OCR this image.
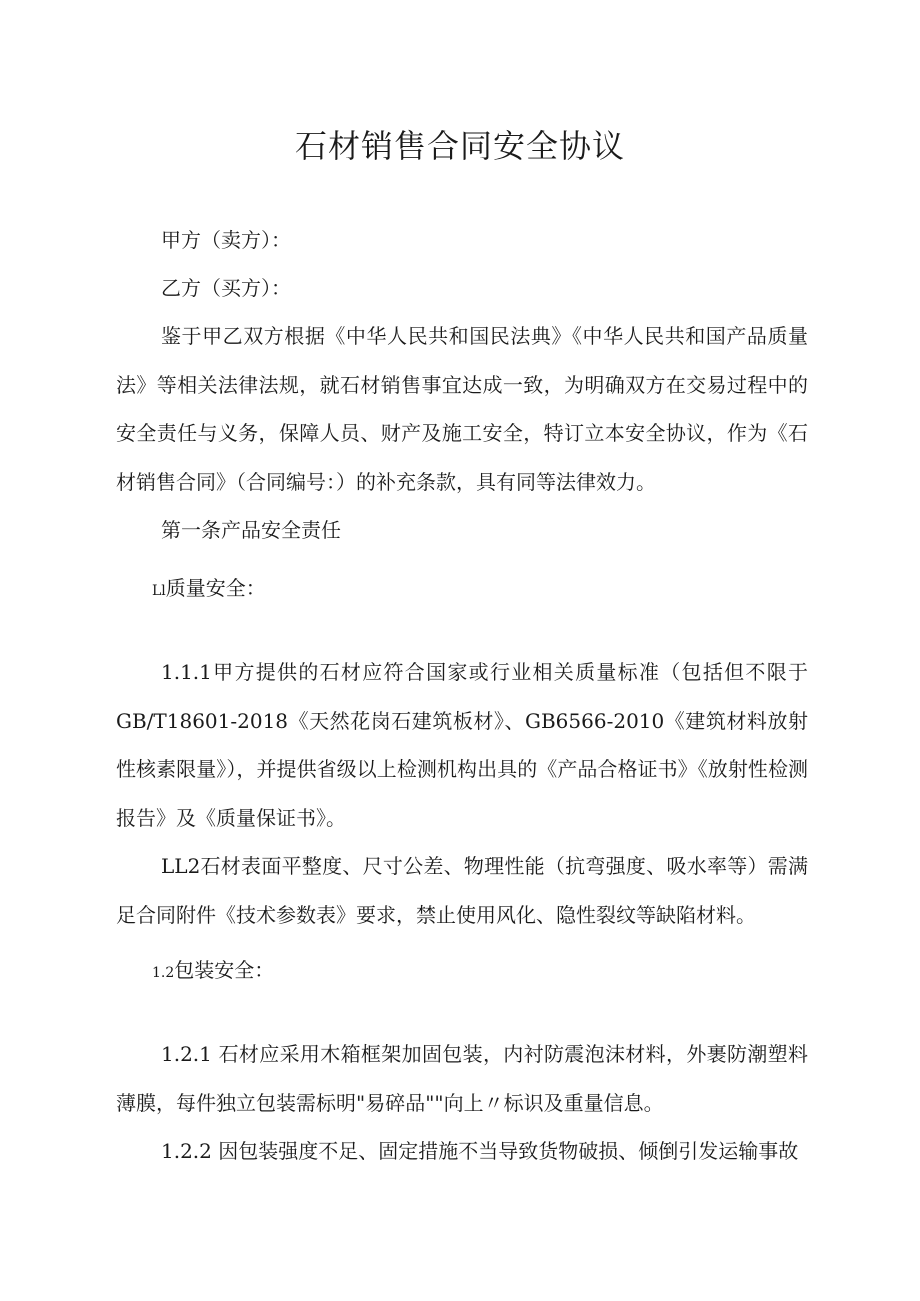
石材销售合同安全协议
甲方（卖方）：
乙方（买方）：

鉴于甲乙双方根据《中华人民共和国民法典》《中华人民共和国产品质量法》等相关法律法规，就石材销售事宜达成一致，为明确双方在交易过程中的安全责任与义务，保障人员、财产及施工安全，特订立本安全协议，作为《石材销售合同》（合同编号：）的补充条款，具有同等法律效力。

第一条产品安全责任
Ll质量安全：

1.1.1甲方提供的石材应符合国家或行业相关质量标准（包括但不限于GB/T18601-2018《天然花岗石建筑板材》、GB6566-2010《建筑材料放射性核素限量》），并提供省级以上检测机构出具的《产品合格证书》《放射性检测报告》及《质量保证书》。

LL2石材表面平整度、尺寸公差、物理性能（抗弯强度、吸水率等）需满足合同附件《技术参数表》要求，禁止使用风化、隐性裂纹等缺陷材料。

1.2包装安全：

1.2.1 石材应采用木箱框架加固包装，内衬防震泡沫材料，外裹防潮塑料薄膜，每件独立包装需标明"易碎品""向上〃标识及重量信息。

1.2.2 因包装强度不足、固定措施不当导致货物破损、倾倒引发运输事故
